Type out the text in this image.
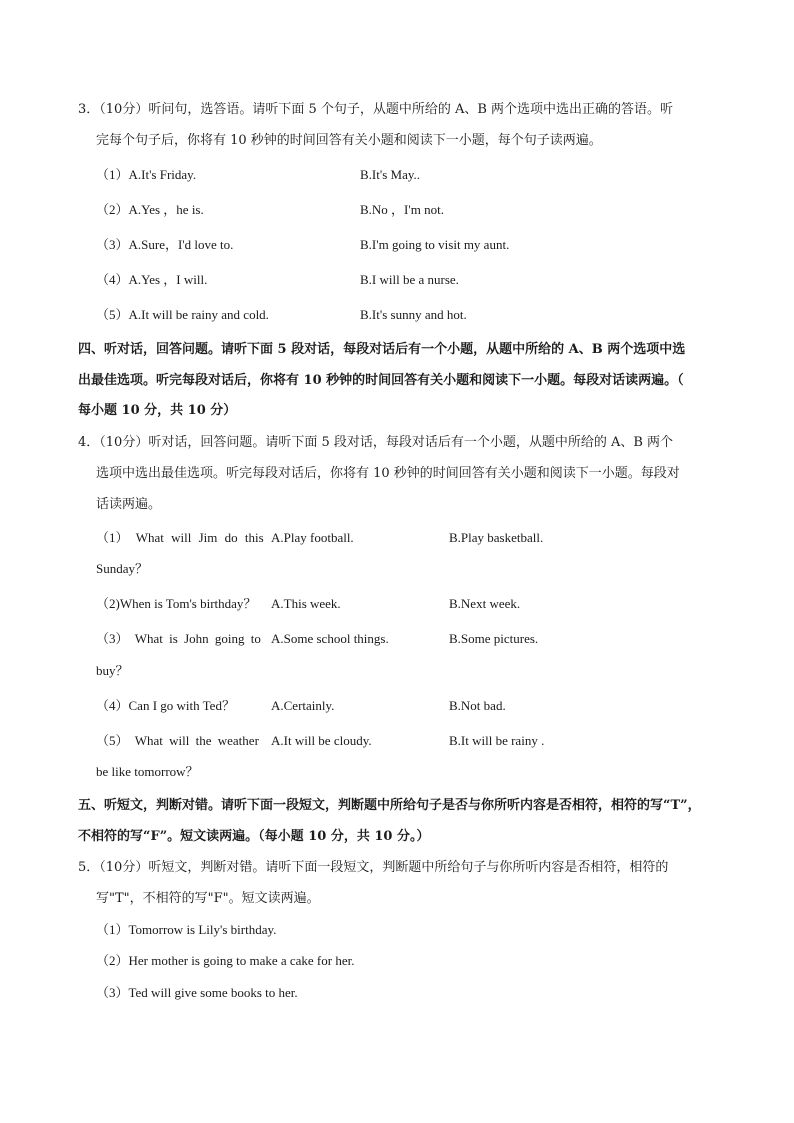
3．（10分）听问句，选答语。请听下面 5 个句子，从题中所给的 A、B 两个选项中选出正确的答语。听
完每个句子后，你将有 10 秒钟的时间回答有关小题和阅读下一小题，每个句子读两遍。
（1）A.It's Friday.	B.It's May..
（2）A.Yes ，he is.	B.No ，I'm not.
（3）A.Sure，I'd love to.	B.I'm going to visit my aunt.
（4）A.Yes ，I will.	B.I will be a nurse.
（5）A.It will be rainy and cold.	B.It's sunny and hot.
四、听对话，回答问题。请听下面 5 段对话，每段对话后有一个小题，从题中所给的 A、B 两个选项中选
出最佳选项。听完每段对话后，你将有 10 秒钟的时间回答有关小题和阅读下一小题。每段对话读两遍。（
每小题 10 分，共 10 分）
4．（10分）听对话，回答问题。请听下面 5 段对话，每段对话后有一个小题，从题中所给的 A、B 两个
选项中选出最佳选项。听完每段对话后，你将有 10 秒钟的时间回答有关小题和阅读下一小题。每段对
话读两遍。
（1） What will Jim do this A.Play football.	B.Play basketball.
Sunday？
（2)When is Tom's birthday？ A.This week.	B.Next week.
（3） What is John going to A.Some school things.	B.Some pictures.
buy？
（4）Can I go with Ted？	A.Certainly.	B.Not bad.
（5） What will the weather A.It will be cloudy.	B.It will be rainy .
be like tomorrow？
五、听短文，判断对错。请听下面一段短文，判断题中所给句子是否与你所听内容是否相符，相符的写“T”，
不相符的写“F”。短文读两遍。（每小题 10 分，共 10 分。）
5．（10分）听短文，判断对错。请听下面一段短文，判断题中所给句子与你所听内容是否相符，相符的
写"T"，不相符的写"F"。短文读两遍。
（1）Tomorrow is Lily's birthday.
（2）Her mother is going to make a cake for her.
（3）Ted will give some books to her.
